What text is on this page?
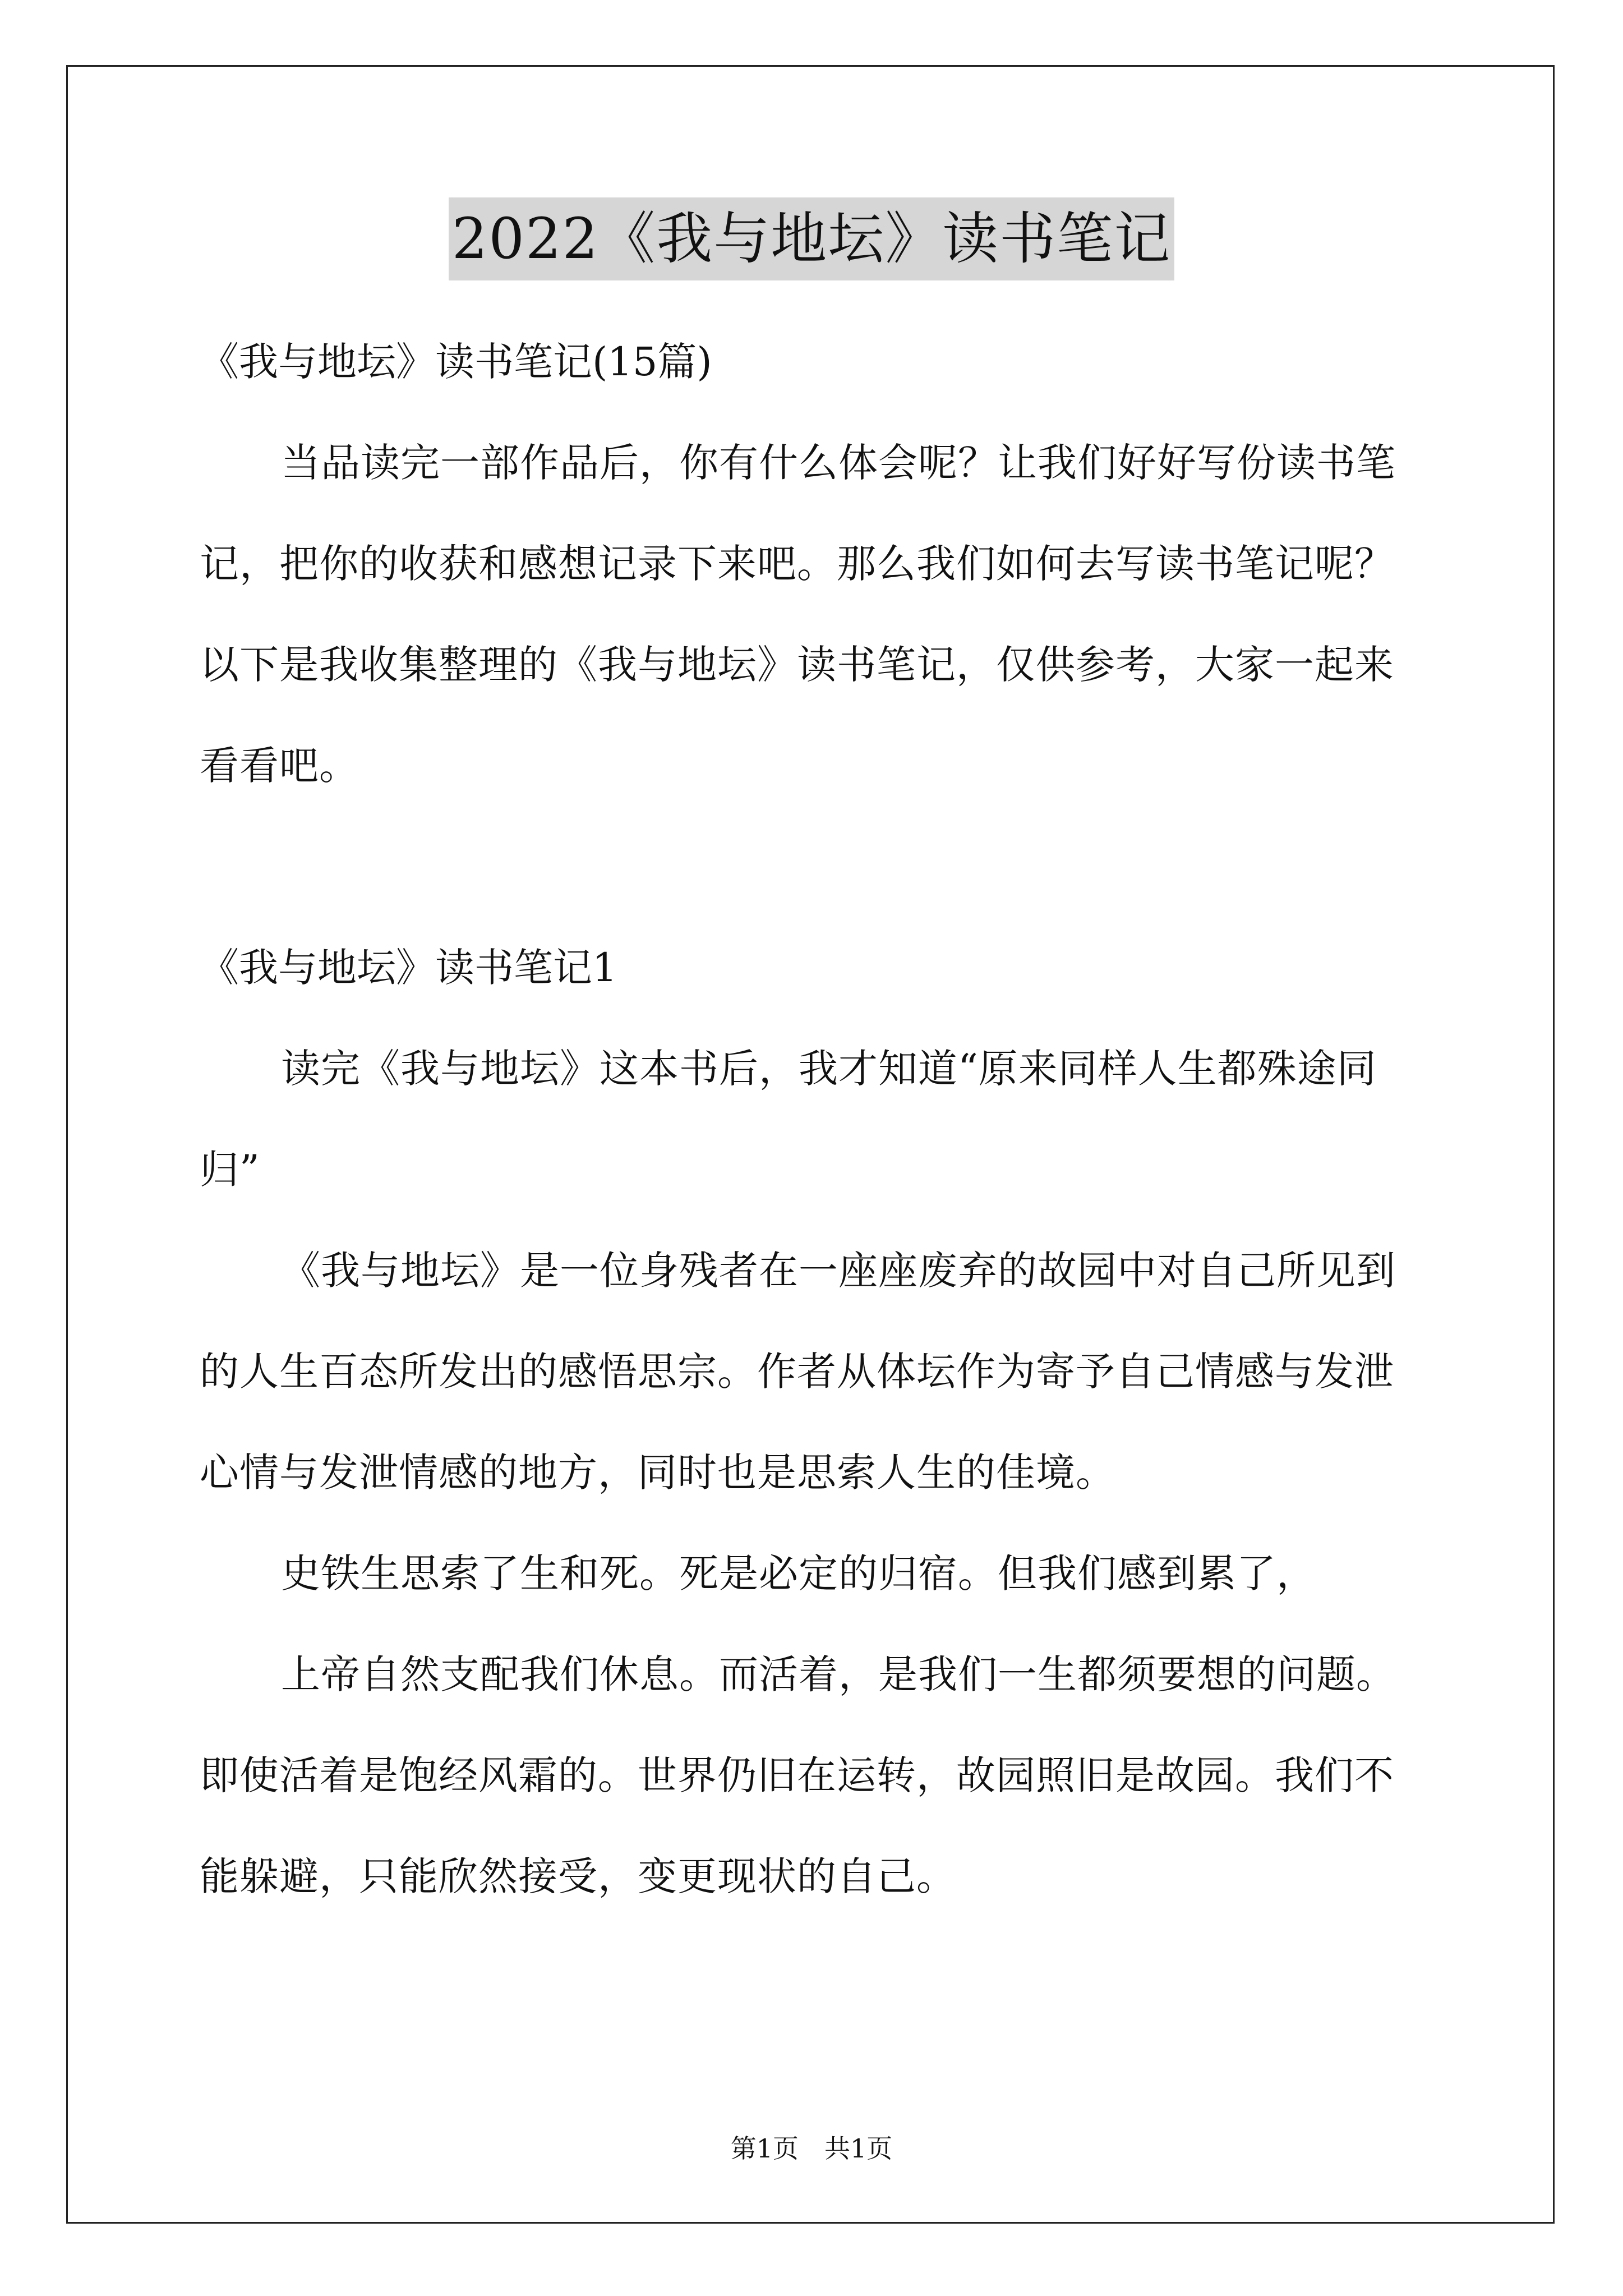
2022《我与地坛》读书笔记

《我与地坛》读书笔记(15篇)

当品读完一部作品后，你有什么体会呢？让我们好好写份读书笔记，把你的收获和感想记录下来吧。那么我们如何去写读书笔记呢？以下是我收集整理的《我与地坛》读书笔记，仅供参考，大家一起来看看吧。

《我与地坛》读书笔记1

读完《我与地坛》这本书后，我才知道“原来同样人生都殊途同归”

《我与地坛》是一位身残者在一座座废弃的故园中对自己所见到的人生百态所发出的感悟思宗。作者从体坛作为寄予自己情感与发泄心情与发泄情感的地方，同时也是思索人生的佳境。

史铁生思索了生和死。死是必定的归宿。但我们感到累了，

上帝自然支配我们休息。而活着，是我们一生都须要想的问题。即使活着是饱经风霜的。世界仍旧在运转，故园照旧是故园。我们不能躲避，只能欣然接受，变更现状的自己。

第1页　共1页
